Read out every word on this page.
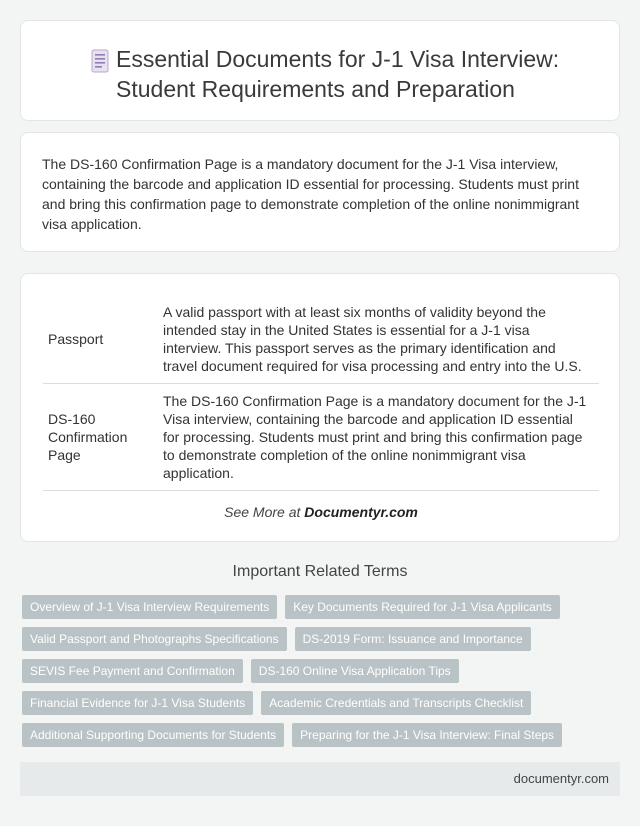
Essential Documents for J-1 Visa Interview: Student Requirements and Preparation

The DS-160 Confirmation Page is a mandatory document for the J-1 Visa interview, containing the barcode and application ID essential for processing. Students must print and bring this confirmation page to demonstrate completion of the online nonimmigrant visa application.

Passport	A valid passport with at least six months of validity beyond the intended stay in the United States is essential for a J-1 visa interview. This passport serves as the primary identification and travel document required for visa processing and entry into the U.S.
DS-160 Confirmation Page	The DS-160 Confirmation Page is a mandatory document for the J-1 Visa interview, containing the barcode and application ID essential for processing. Students must print and bring this confirmation page to demonstrate completion of the online nonimmigrant visa application.
See More at Documentyr.com
Important Related Terms
Overview of J-1 Visa Interview Requirements	Key Documents Required for J-1 Visa Applicants
Valid Passport and Photographs Specifications	DS-2019 Form: Issuance and Importance
SEVIS Fee Payment and Confirmation	DS-160 Online Visa Application Tips
Financial Evidence for J-1 Visa Students	Academic Credentials and Transcripts Checklist
Additional Supporting Documents for Students	Preparing for the J-1 Visa Interview: Final Steps
documentyr.com
